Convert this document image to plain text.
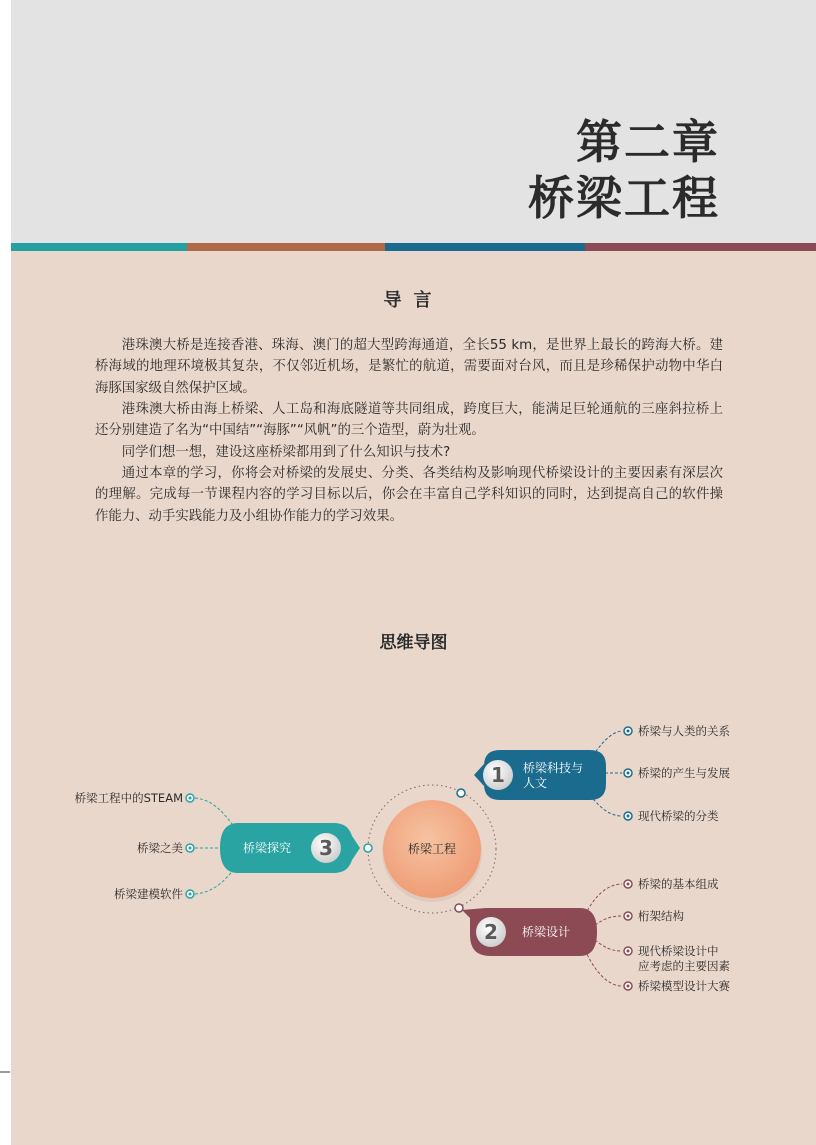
第二章
桥梁工程
导言

港珠澳大桥是连接香港、珠海、澳门的超大型跨海通道，全长55 km，是世界上最长的跨海大桥。建桥海域的地理环境极其复杂，不仅邻近机场，是繁忙的航道，需要面对台风，而且是珍稀保护动物中华白海豚国家级自然保护区域。

港珠澳大桥由海上桥梁、人工岛和海底隧道等共同组成，跨度巨大，能满足巨轮通航的三座斜拉桥上还分别建造了名为“中国结”“海豚”“风帆”的三个造型，蔚为壮观。

同学们想一想，建设这座桥梁都用到了什么知识与技术?

通过本章的学习，你将会对桥梁的发展史、分类、各类结构及影响现代桥梁设计的主要因素有深层次的理解。完成每一节课程内容的学习目标以后，你会在丰富自己学科知识的同时，达到提高自己的软件操作能力、动手实践能力及小组协作能力的学习效果。

思维导图
桥梁工程
1 桥梁科技与
人文
2 桥梁设计
3
桥梁探究
桥梁与人类的关系
桥梁的产生与发展
现代桥梁的分类
桥梁的基本组成
桁架结构
现代桥梁设计中
应考虑的主要因素
桥梁模型设计大赛
桥梁工程中的STEAM
桥梁之美
桥梁建模软件
